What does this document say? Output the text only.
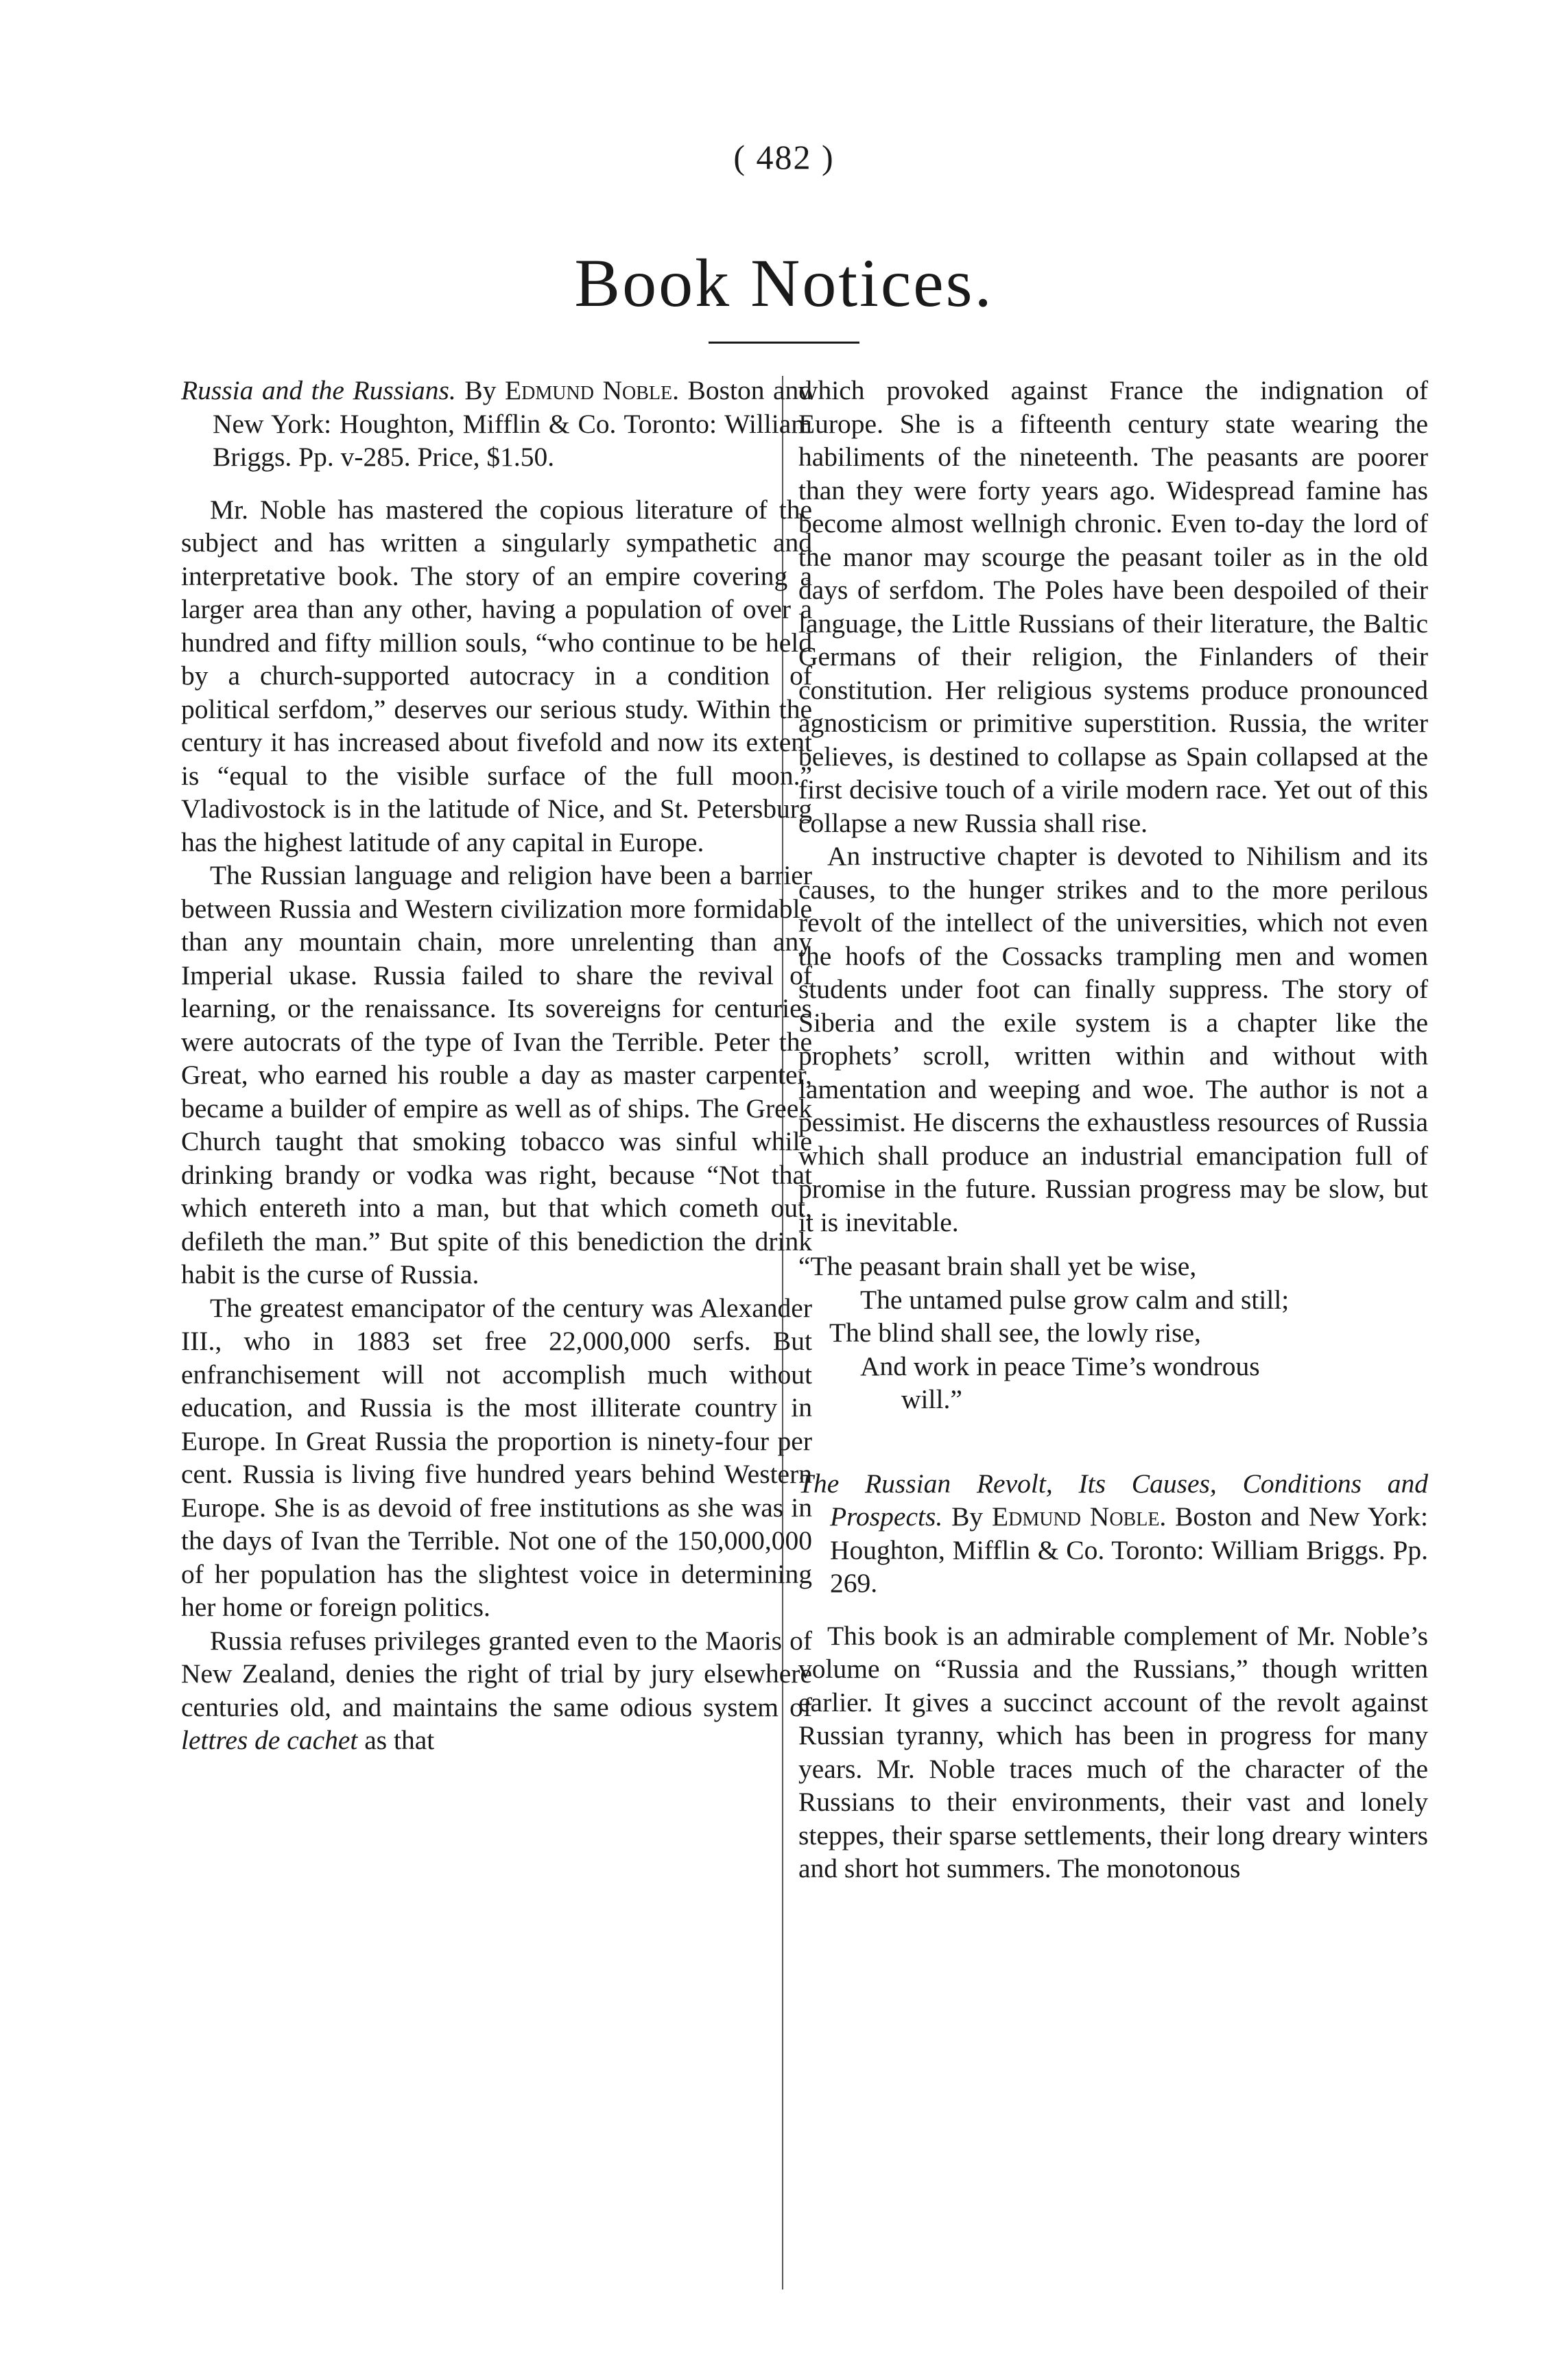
( 482 )
Book Notices.

Russia and the Russians. By Edmund Noble. Boston and New York: Houghton, Mifflin & Co. Toronto: William Briggs. Pp. v-285. Price, $1.50.

Mr. Noble has mastered the copious literature of the subject and has written a singularly sympathetic and interpretative book. The story of an empire covering a larger area than any other, having a population of over a hundred and fifty million souls, “who continue to be held by a church-supported autocracy in a condition of political serfdom,” deserves our serious study. Within the century it has increased about fivefold and now its extent is “equal to the visible surface of the full moon.” Vladivostock is in the latitude of Nice, and St. Petersburg has the highest latitude of any capital in Europe.

The Russian language and religion have been a barrier between Russia and Western civilization more formidable than any mountain chain, more unrelenting than any Imperial ukase. Russia failed to share the revival of learning, or the renaissance. Its sovereigns for centuries were autocrats of the type of Ivan the Terrible. Peter the Great, who earned his rouble a day as master carpenter, became a builder of empire as well as of ships. The Greek Church taught that smoking tobacco was sinful while drinking brandy or vodka was right, because “Not that which entereth into a man, but that which cometh out, defileth the man.” But spite of this benediction the drink habit is the curse of Russia.

The greatest emancipator of the century was Alexander III., who in 1883 set free 22,000,000 serfs. But enfranchisement will not accomplish much without education, and Russia is the most illiterate country in Europe. In Great Russia the proportion is ninety-four per cent. Russia is living five hundred years behind Western Europe. She is as devoid of free institutions as she was in the days of Ivan the Terrible. Not one of the 150,000,000 of her population has the slightest voice in determining her home or foreign politics.

Russia refuses privileges granted even to the Maoris of New Zealand, denies the right of trial by jury elsewhere centuries old, and maintains the same odious system of lettres de cachet as that

which provoked against France the indignation of Europe. She is a fifteenth century state wearing the habiliments of the nineteenth. The peasants are poorer than they were forty years ago. Widespread famine has become almost wellnigh chronic. Even to-day the lord of the manor may scourge the peasant toiler as in the old days of serfdom. The Poles have been despoiled of their language, the Little Russians of their literature, the Baltic Germans of their religion, the Finlanders of their constitution. Her religious systems produce pronounced agnosticism or primitive superstition. Russia, the writer believes, is destined to collapse as Spain collapsed at the first decisive touch of a virile modern race. Yet out of this collapse a new Russia shall rise.

An instructive chapter is devoted to Nihilism and its causes, to the hunger strikes and to the more perilous revolt of the intellect of the universities, which not even the hoofs of the Cossacks trampling men and women students under foot can finally suppress. The story of Siberia and the exile system is a chapter like the prophets’ scroll, written within and without with lamentation and weeping and woe. The author is not a pessimist. He discerns the exhaustless resources of Russia which shall produce an industrial emancipation full of promise in the future. Russian progress may be slow, but it is inevitable.

“The peasant brain shall yet be wise,
The untamed pulse grow calm and still;
The blind shall see, the lowly rise,
And work in peace Time’s wondrous
will.”

The Russian Revolt, Its Causes, Conditions and Prospects. By Edmund Noble. Boston and New York: Houghton, Mifflin & Co. Toronto: William Briggs. Pp. 269.

This book is an admirable complement of Mr. Noble’s volume on “Russia and the Russians,” though written earlier. It gives a succinct account of the revolt against Russian tyranny, which has been in progress for many years. Mr. Noble traces much of the character of the Russians to their environments, their vast and lonely steppes, their sparse settlements, their long dreary winters and short hot summers. The monotonous
